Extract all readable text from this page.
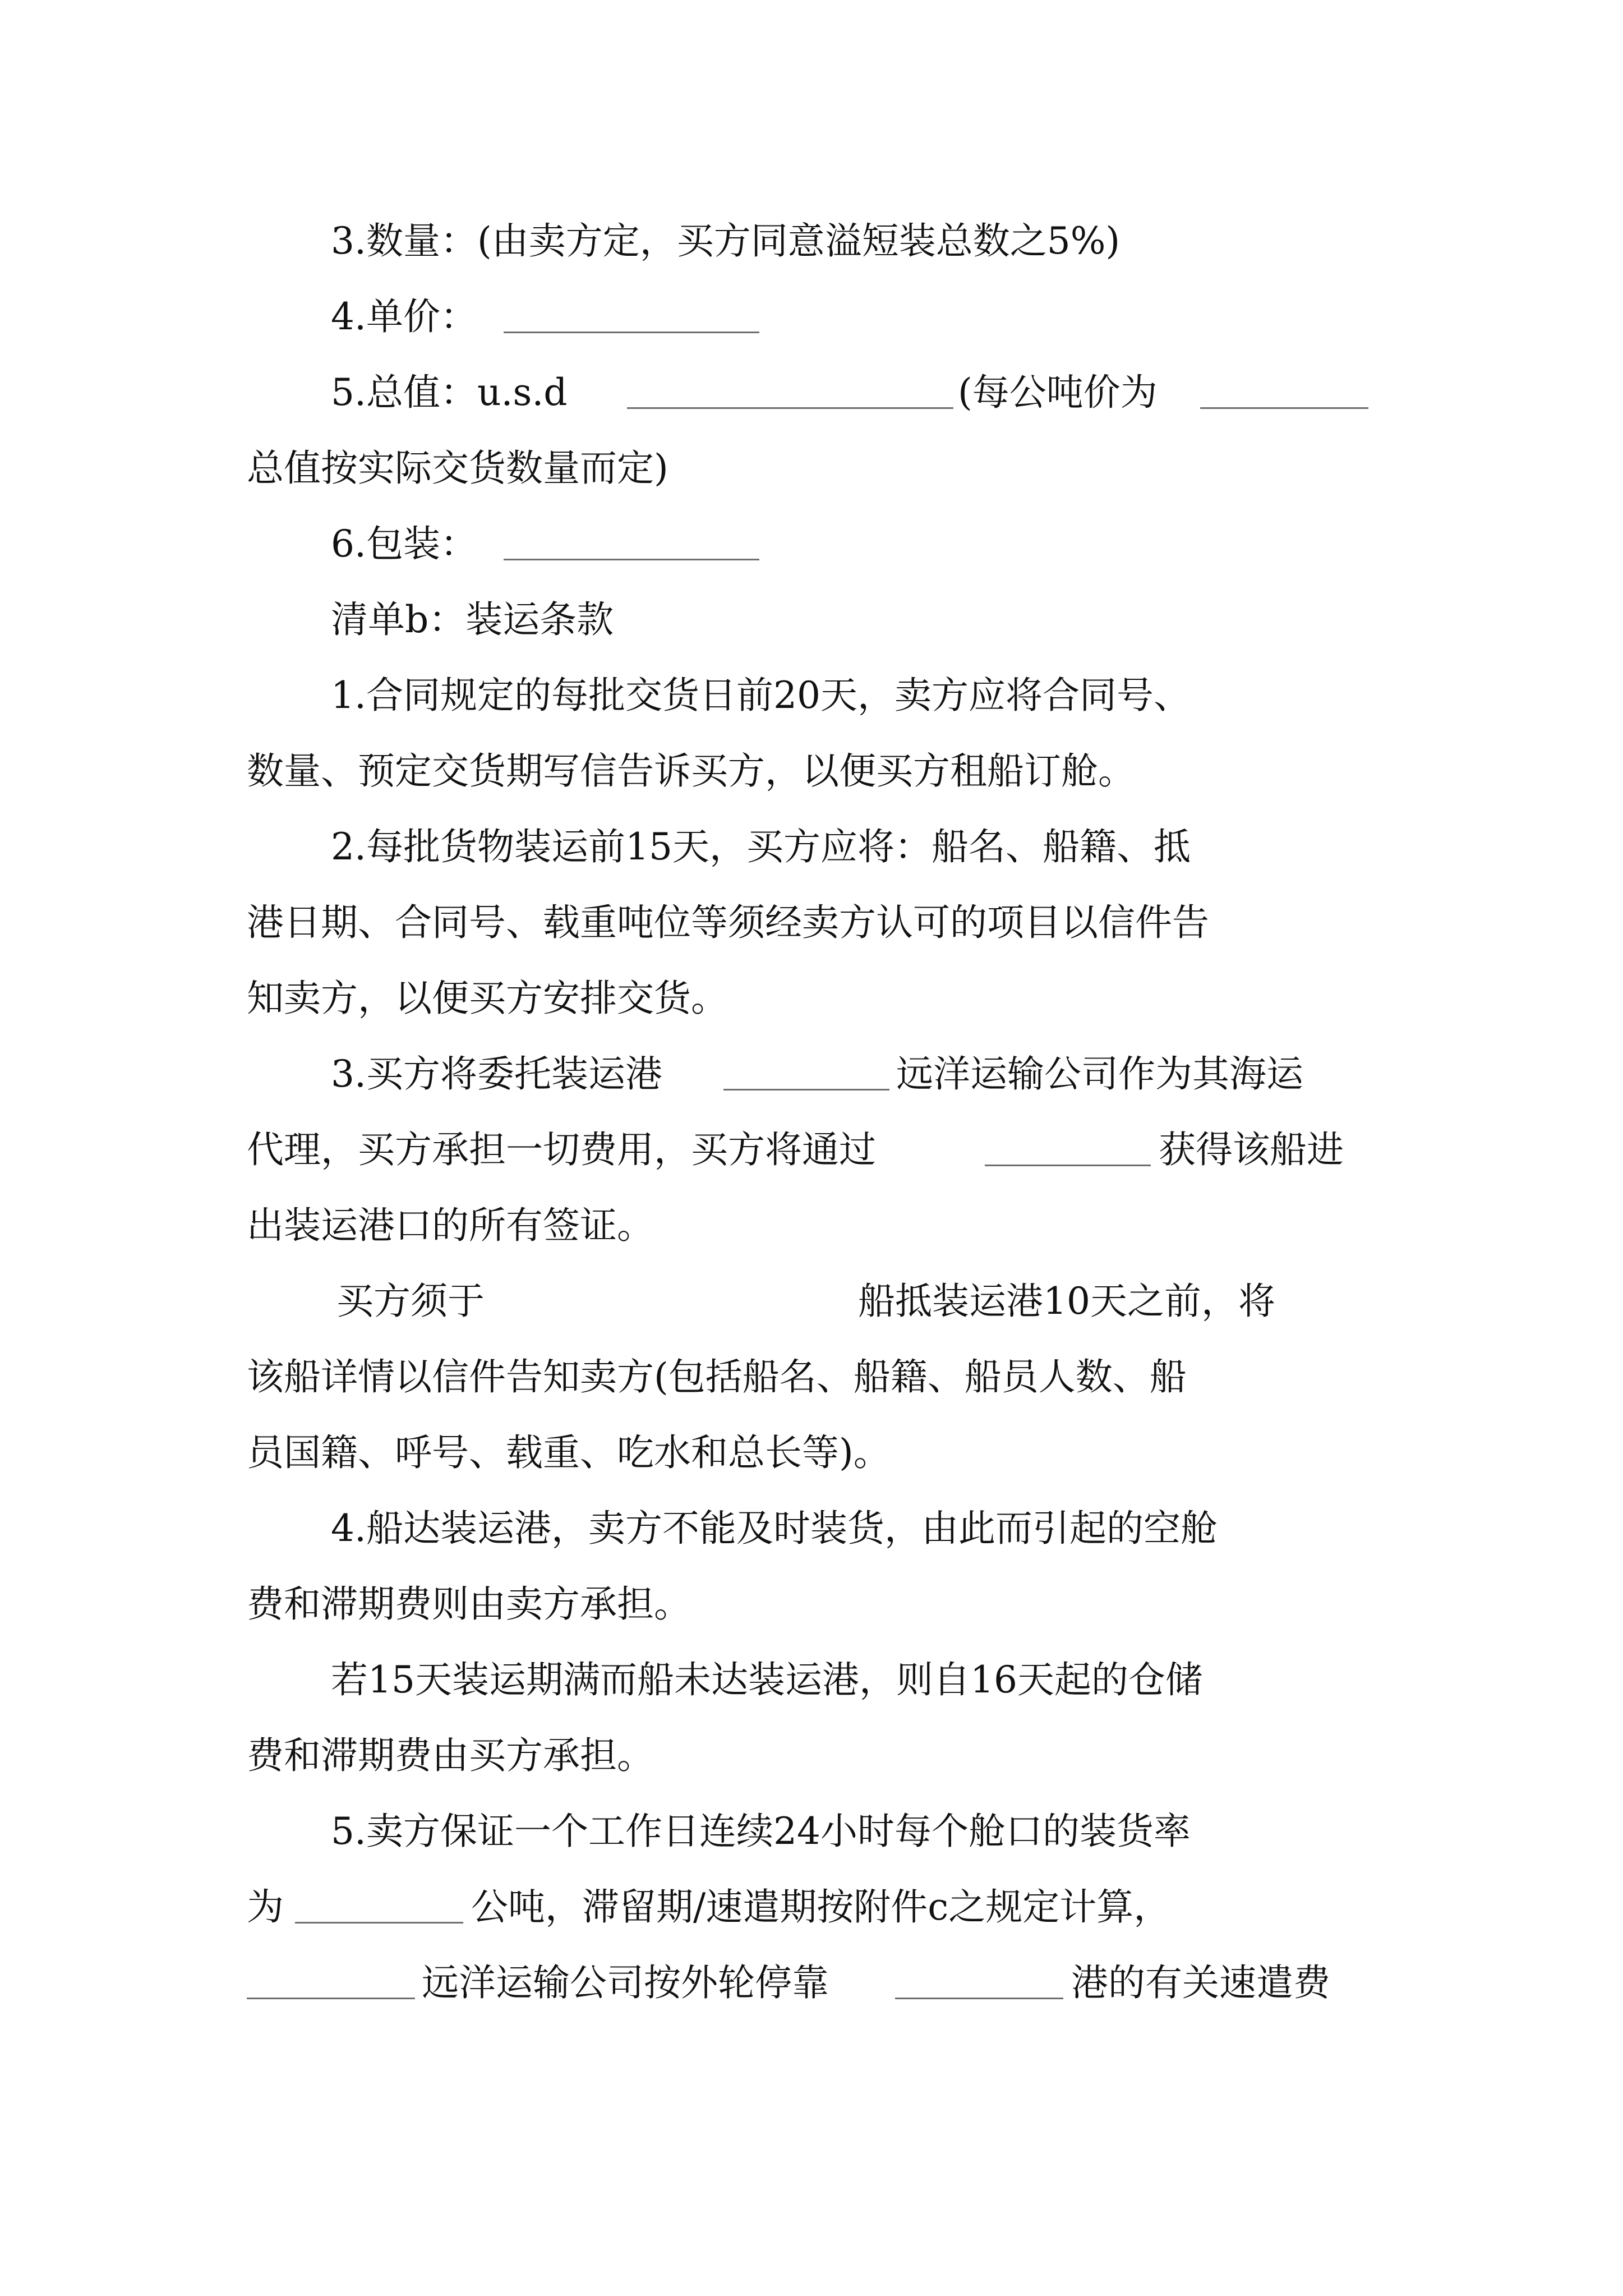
3.数量：(由卖方定，买方同意溢短装总数之5%)
4.单价：
5.总值：u.s.d	(每公吨价为
总值按实际交货数量而定)
6.包装：
清单b：装运条款
1.合同规定的每批交货日前20天，卖方应将合同号、
数量、预定交货期写信告诉买方，以便买方租船订舱。
2.每批货物装运前15天，买方应将：船名、船籍、抵
港日期、合同号、载重吨位等须经卖方认可的项目以信件告
知卖方，以便买方安排交货。
3.买方将委托装运港	远洋运输公司作为其海运
代理，买方承担一切费用，买方将通过	获得该船进
出装运港口的所有签证。
买方须于	船抵装运港10天之前，将
该船详情以信件告知卖方(包括船名、船籍、船员人数、船
员国籍、呼号、载重、吃水和总长等)。
4.船达装运港，卖方不能及时装货，由此而引起的空舱
费和滞期费则由卖方承担。
若15天装运期满而船未达装运港，则自16天起的仓储
费和滞期费由买方承担。
5.卖方保证一个工作日连续24小时每个舱口的装货率
为	公吨，滞留期/速遣期按附件c之规定计算，
远洋运输公司按外轮停靠	港的有关速遣费
